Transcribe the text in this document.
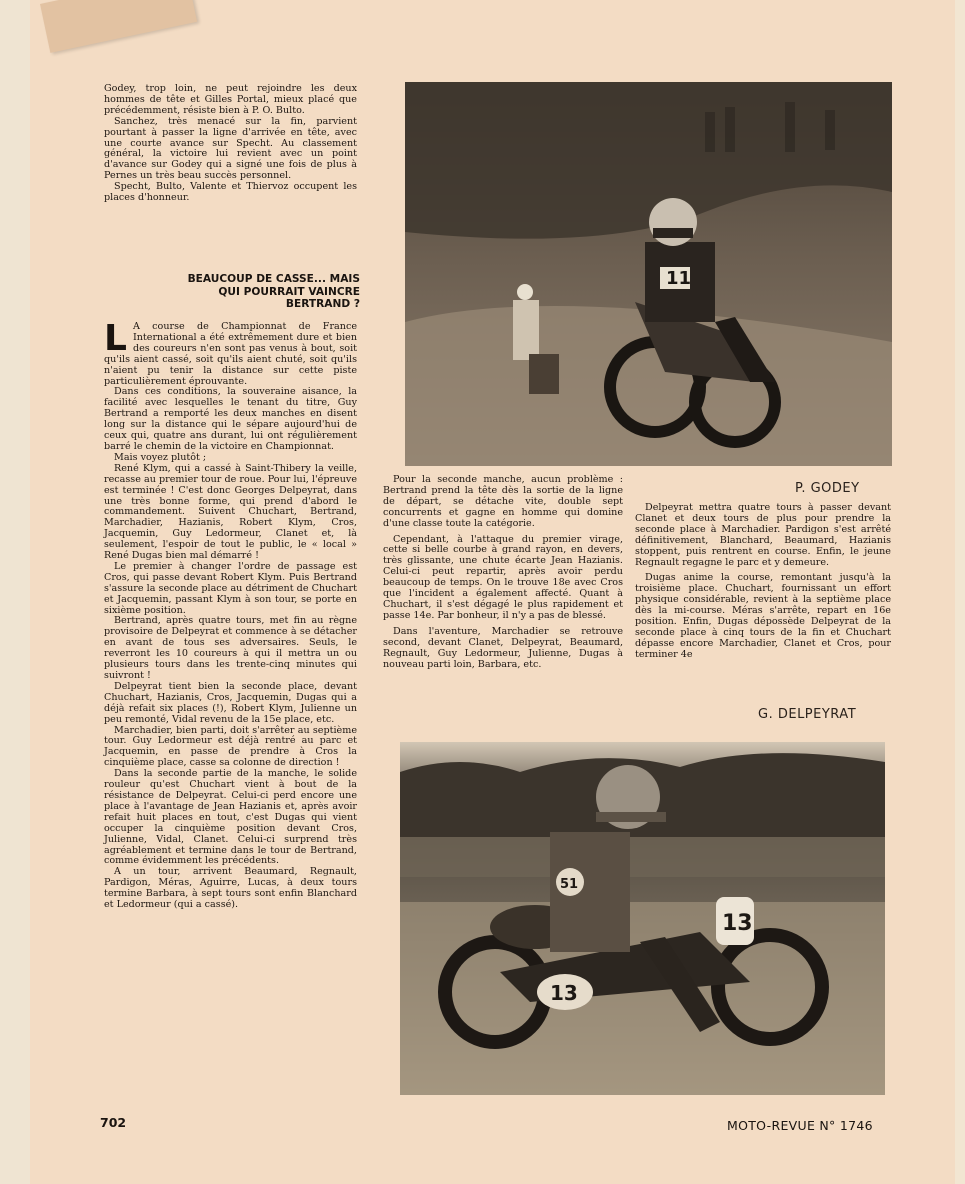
Godey, trop loin, ne peut rejoindre les deux hommes de tête et Gilles Portal, mieux placé que précédemment, résiste bien à P. O. Bulto.

Sanchez, très menacé sur la fin, parvient pourtant à passer la ligne d'arrivée en tête, avec une courte avance sur Specht. Au classement général, la victoire lui revient avec un point d'avance sur Godey qui a signé une fois de plus à Pernes un très beau succès personnel.

Specht, Bulto, Valente et Thiervoz occupent les places d'honneur.

BEAUCOUP DE CASSE... MAIS QUI POURRAIT VAINCRE BERTRAND ?

L A course de Championnat de France International a été extrêmement dure et bien des coureurs n'en sont pas venus à bout, soit qu'ils aient cassé, soit qu'ils aient chuté, soit qu'ils n'aient pu tenir la distance sur cette piste particulièrement éprouvante.

Dans ces conditions, la souveraine aisance, la facilité avec lesquelles le tenant du titre, Guy Bertrand a remporté les deux manches en disent long sur la distance qui le sépare aujourd'hui de ceux qui, quatre ans durant, lui ont régulièrement barré le chemin de la victoire en Championnat.

Mais voyez plutôt ;

René Klym, qui a cassé à Saint-Thibery la veille, recasse au premier tour de roue. Pour lui, l'épreuve est terminée ! C'est donc Georges Delpeyrat, dans une très bonne forme, qui prend d'abord le commandement. Suivent Chuchart, Bertrand, Marchadier, Hazianis, Robert Klym, Cros, Jacquemin, Guy Ledormeur, Clanet et, là seulement, l'espoir de tout le public, le « local » René Dugas bien mal démarré !

Le premier à changer l'ordre de passage est Cros, qui passe devant Robert Klym. Puis Bertrand s'assure la seconde place au détriment de Chuchart et Jacquemin, passant Klym à son tour, se porte en sixième position.

Bertrand, après quatre tours, met fin au règne provisoire de Delpeyrat et commence à se détacher en avant de tous ses adversaires. Seuls, le reverront les 10 coureurs à qui il mettra un ou plusieurs tours dans les trente-cinq minutes qui suivront !

Delpeyrat tient bien la seconde place, devant Chuchart, Hazianis, Cros, Jacquemin, Dugas qui a déjà refait six places (!), Robert Klym, Julienne un peu remonté, Vidal revenu de la 15e place, etc.

Marchadier, bien parti, doit s'arrêter au septième tour. Guy Ledormeur est déjà rentré au parc et Jacquemin, en passe de prendre à Cros la cinquième place, casse sa colonne de direction !

Dans la seconde partie de la manche, le solide rouleur qu'est Chuchart vient à bout de la résistance de Delpeyrat. Celui-ci perd encore une place à l'avantage de Jean Hazianis et, après avoir refait huit places en tout, c'est Dugas qui vient occuper la cinquième position devant Cros, Julienne, Vidal, Clanet. Celui-ci surprend très agréablement et termine dans le tour de Bertrand, comme évidemment les précédents.

A un tour, arrivent Beaumard, Regnault, Pardigon, Méras, Aguirre, Lucas, à deux tours termine Barbara, à sept tours sont enfin Blanchard et Ledormeur (qui a cassé).

11
P. GODEY

Pour la seconde manche, aucun problème : Bertrand prend la tête dès la sortie de la ligne de départ, se détache vite, double sept concurrents et gagne en homme qui domine d'une classe toute la catégorie.

Cependant, à l'attaque du premier virage, cette si belle courbe à grand rayon, en devers, très glissante, une chute écarte Jean Hazianis. Celui-ci peut repartir, après avoir perdu beaucoup de temps. On le trouve 18e avec Cros que l'incident a également affecté. Quant à Chuchart, il s'est dégagé le plus rapidement et passe 14e. Par bonheur, il n'y a pas de blessé.

Dans l'aventure, Marchadier se retrouve second, devant Clanet, Delpeyrat, Beaumard, Regnault, Guy Ledormeur, Julienne, Dugas à nouveau parti loin, Barbara, etc.

Delpeyrat mettra quatre tours à passer devant Clanet et deux tours de plus pour prendre la seconde place à Marchadier. Pardigon s'est arrêté définitivement, Blanchard, Beaumard, Hazianis stoppent, puis rentrent en course. Enfin, le jeune Regnault regagne le parc et y demeure.

Dugas anime la course, remontant jusqu'à la troisième place. Chuchart, fournissant un effort physique considérable, revient à la septième place dès la mi-course. Méras s'arrête, repart en 16e position. Enfin, Dugas dépossède Delpeyrat de la seconde place à cinq tours de la fin et Chuchart dépasse encore Marchadier, Clanet et Cros, pour terminer 4e

G. DELPEYRAT
51
13
13
702	MOTO-REVUE N° 1746
